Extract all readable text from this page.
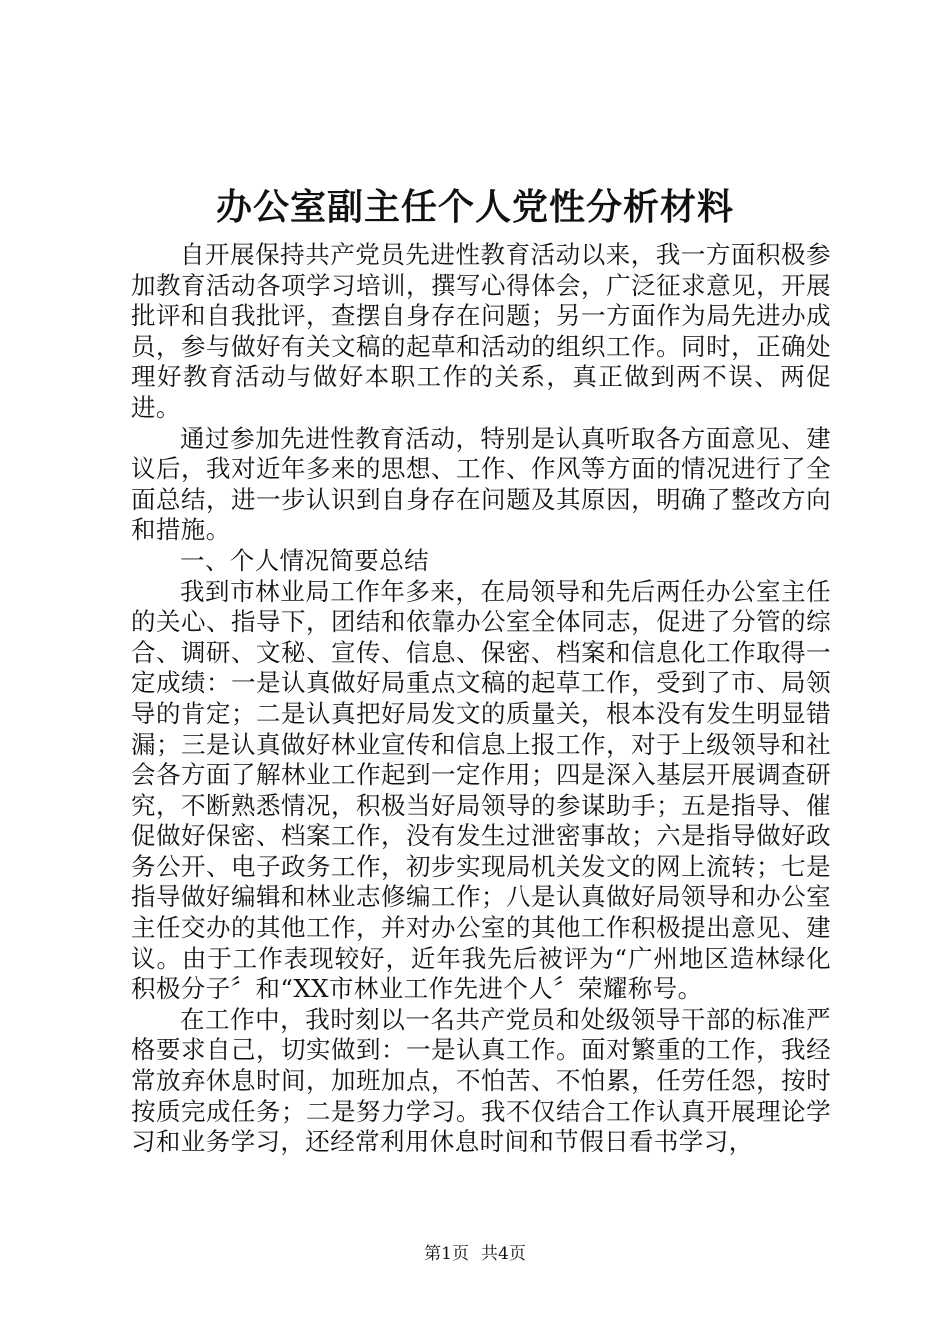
办公室副主任个人党性分析材料

自开展保持共产党员先进性教育活动以来，我一方面积极参加教育活动各项学习培训，撰写心得体会，广泛征求意见，开展批评和自我批评，查摆自身存在问题；另一方面作为局先进办成员，参与做好有关文稿的起草和活动的组织工作。同时，正确处理好教育活动与做好本职工作的关系，真正做到两不误、两促进。

通过参加先进性教育活动，特别是认真听取各方面意见、建议后，我对近年多来的思想、工作、作风等方面的情况进行了全面总结，进一步认识到自身存在问题及其原因，明确了整改方向和措施。

一、个人情况简要总结

我到市林业局工作年多来，在局领导和先后两任办公室主任的关心、指导下，团结和依靠办公室全体同志，促进了分管的综合、调研、文秘、宣传、信息、保密、档案和信息化工作取得一定成绩：一是认真做好局重点文稿的起草工作，受到了市、局领导的肯定；二是认真把好局发文的质量关，根本没有发生明显错漏；三是认真做好林业宣传和信息上报工作，对于上级领导和社会各方面了解林业工作起到一定作用；四是深入基层开展调查研究，不断熟悉情况，积极当好局领导的参谋助手；五是指导、催促做好保密、档案工作，没有发生过泄密事故；六是指导做好政务公开、电子政务工作，初步实现局机关发文的网上流转；七是指导做好编辑和林业志修编工作；八是认真做好局领导和办公室主任交办的其他工作，并对办公室的其他工作积极提出意见、建议。由于工作表现较好，近年我先后被评为“广州地区造林绿化积极分子〞和“XX市林业工作先进个人〞荣耀称号。

在工作中，我时刻以一名共产党员和处级领导干部的标准严格要求自己，切实做到：一是认真工作。面对繁重的工作，我经常放弃休息时间，加班加点，不怕苦、不怕累，任劳任怨，按时按质完成任务；二是努力学习。我不仅结合工作认真开展理论学习和业务学习，还经常利用休息时间和节假日看书学习，

第1页 共4页
